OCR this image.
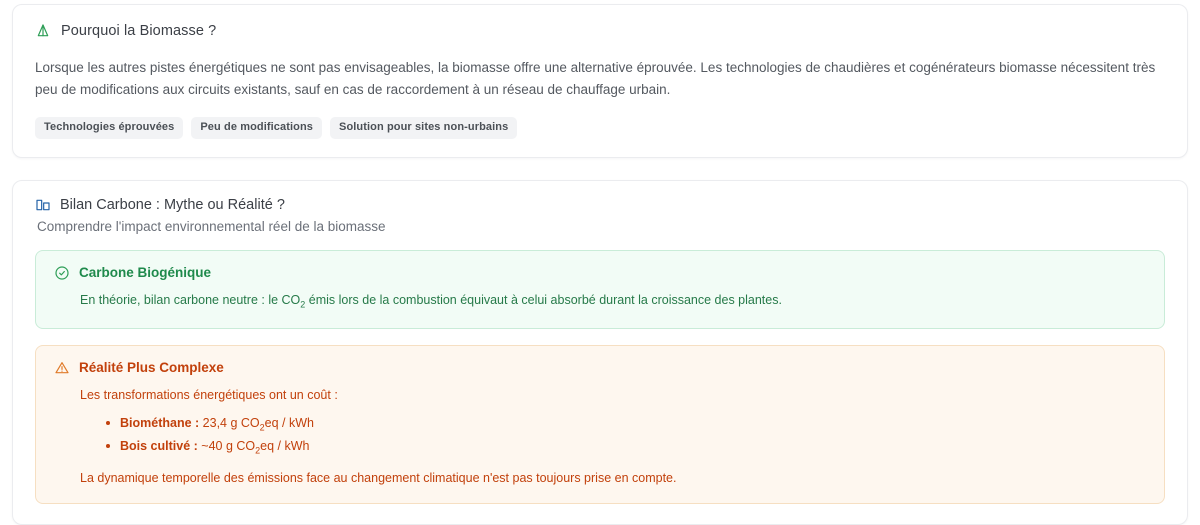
Pourquoi la Biomasse ?

Lorsque les autres pistes énergétiques ne sont pas envisageables, la biomasse offre une alternative éprouvée. Les technologies de chaudières et cogénérateurs biomasse nécessitent très peu de modifications aux circuits existants, sauf en cas de raccordement à un réseau de chauffage urbain.

Technologies éprouvées	Peu de modifications	Solution pour sites non-urbains
Bilan Carbone : Mythe ou Réalité ?
Comprendre l'impact environnemental réel de la biomasse
Carbone Biogénique
En théorie, bilan carbone neutre : le $CO_2$ émis lors de la combustion équivaut à celui absorbé durant la croissance des plantes.
Réalité Plus Complexe
Les transformations énergétiques ont un coût :
Biométhane : 23,4 g $CO_2eq$ / kWh
Bois cultivé : ~40 g $CO_2eq$ / kWh
La dynamique temporelle des émissions face au changement climatique n'est pas toujours prise en compte.
